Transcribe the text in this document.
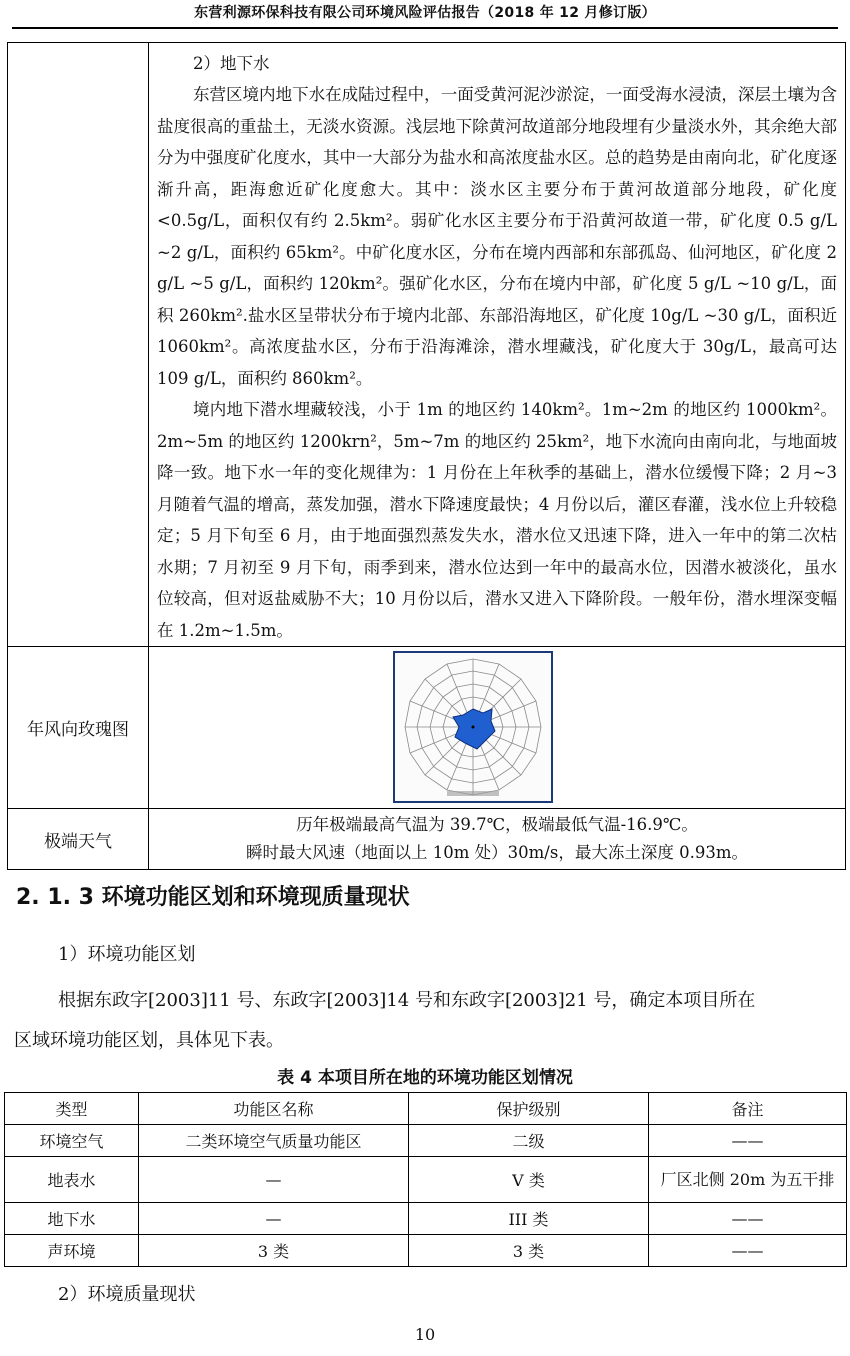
东营利源环保科技有限公司环境风险评估报告（2018 年 12 月修订版）

	2）地下水

东营区境内地下水在成陆过程中，一面受黄河泥沙淤淀，一面受海水浸渍，深层土壤为含盐度很高的重盐土，无淡水资源。浅层地下除黄河故道部分地段埋有少量淡水外，其余绝大部分为中强度矿化度水，其中一大部分为盐水和高浓度盐水区。总的趋势是由南向北，矿化度逐渐升高，距海愈近矿化度愈大。其中：淡水区主要分布于黄河故道部分地段，矿化度<0.5g/L，面积仅有约 2.5km²。弱矿化水区主要分布于沿黄河故道一带，矿化度 0.5 g/L ~2 g/L，面积约 65km²。中矿化度水区，分布在境内西部和东部孤岛、仙河地区，矿化度 2 g/L ~5 g/L，面积约 120km²。强矿化水区，分布在境内中部，矿化度 5 g/L ~10 g/L，面积 260km².盐水区呈带状分布于境内北部、东部沿海地区，矿化度 10g/L ~30 g/L，面积近 1060km²。高浓度盐水区，分布于沿海滩涂，潜水埋藏浅，矿化度大于 30g/L，最高可达 109 g/L，面积约 860km²。

境内地下潜水埋藏较浅，小于 1m 的地区约 140km²。1m~2m 的地区约 1000km²。2m~5m 的地区约 1200krn²，5m~7m 的地区约 25km²，地下水流向由南向北，与地面坡降一致。地下水一年的变化规律为：1 月份在上年秋季的基础上，潜水位缓慢下降；2 月~3 月随着气温的增高，蒸发加强，潜水下降速度最快；4 月份以后，灌区春灌，浅水位上升较稳定；5 月下旬至 6 月，由于地面强烈蒸发失水，潜水位又迅速下降，进入一年中的第二次枯水期；7 月初至 9 月下旬，雨季到来，潜水位达到一年中的最高水位，因潜水被淡化，虽水位较高，但对返盐威胁不大；10 月份以后，潜水又进入下降阶段。一般年份，潜水埋深变幅在 1.2m~1.5m。

年风向玫瑰图	

极端天气	历年极端最高气温为 39.7℃，极端最低气温-16.9℃。
瞬时最大风速（地面以上 10m 处）30m/s，最大冻土深度 0.93m。
2. 1. 3 环境功能区划和环境现质量现状
1）环境功能区划
根据东政字[2003]11 号、东政字[2003]14 号和东政字[2003]21 号，确定本项目所在
区域环境功能区划，具体见下表。
表 4 本项目所在地的环境功能区划情况
类型	功能区名称	保护级别	备注
环境空气	二类环境空气质量功能区	二级	——
地表水	—	V 类	厂区北侧 20m 为五干排
地下水	—	III 类	——
声环境	3 类	3 类	——
2）环境质量现状
10
